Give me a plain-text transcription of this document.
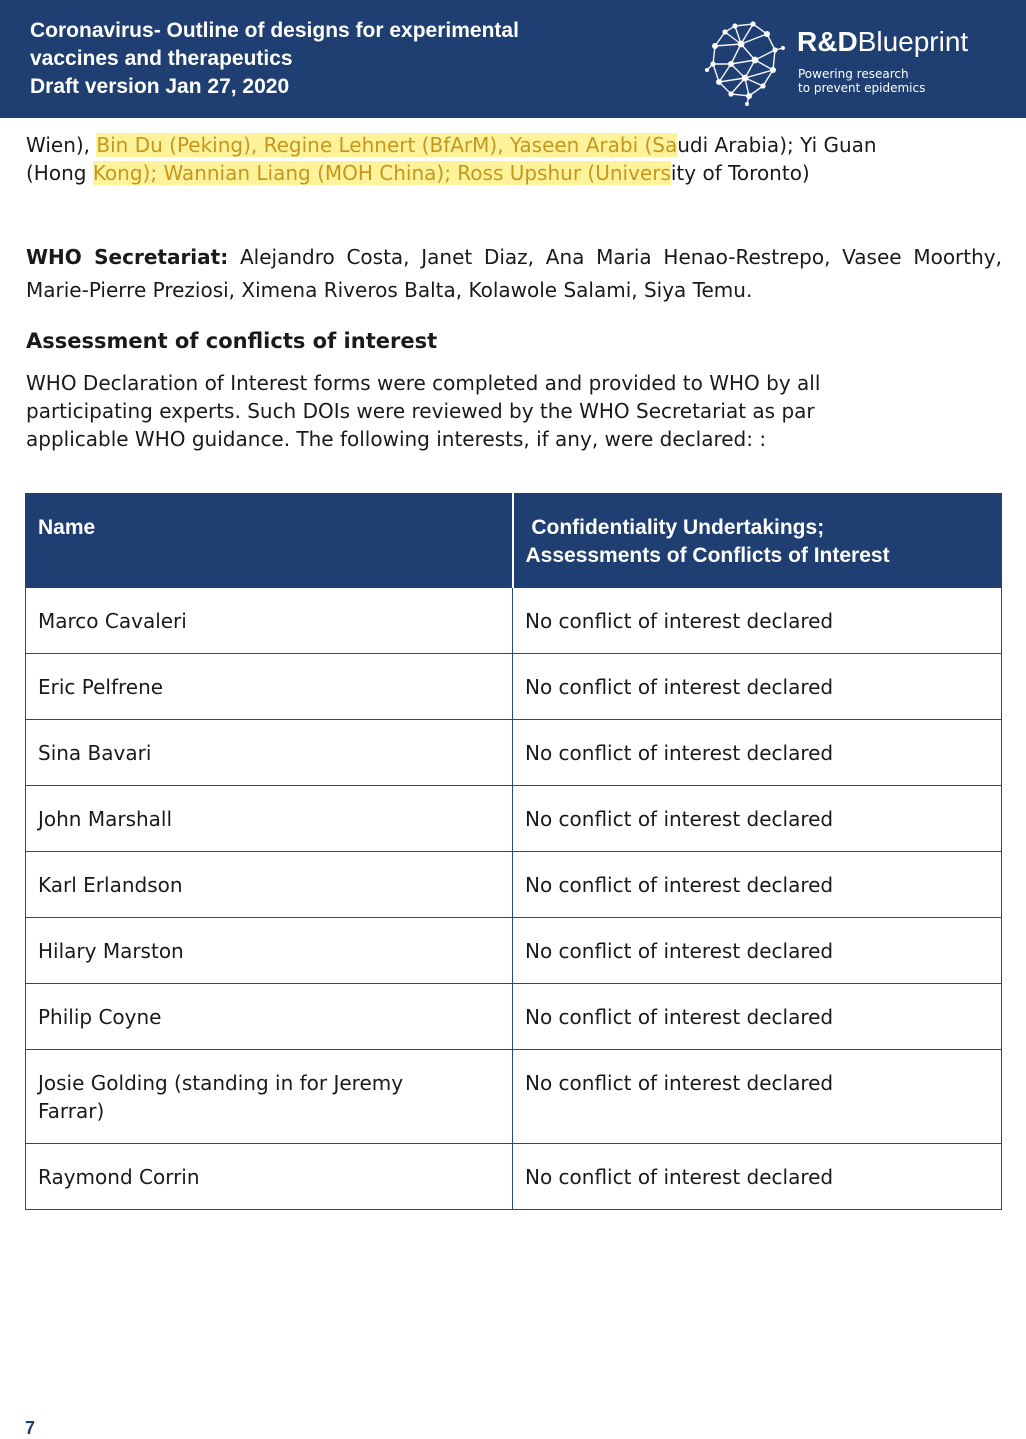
Coronavirus- Outline of designs for experimental
vaccines and therapeutics
Draft version Jan 27, 2020
R&DBlueprint
Powering research
to prevent epidemics
Wien), Bin Du (Peking), Regine Lehnert (BfArM), Yaseen Arabi (Saudi Arabia); Yi Guan
(Hong Kong); Wannian Liang (MOH China); Ross Upshur (University of Toronto)

WHO Secretariat: Alejandro Costa, Janet Diaz, Ana Maria Henao-Restrepo, Vasee Moorthy, Marie-Pierre Preziosi, Ximena Riveros Balta, Kolawole Salami, Siya Temu.

Assessment of conflicts of interest
WHO Declaration of Interest forms were completed and provided to WHO by all
participating experts. Such DOIs were reviewed by the WHO Secretariat as par
applicable WHO guidance. The following interests, if any, were declared: :
Name	Confidentiality Undertakings;
Assessments of Conflicts of Interest

Marco Cavaleri	No conflict of interest declared

Eric Pelfrene	No conflict of interest declared

Sina Bavari	No conflict of interest declared

John Marshall	No conflict of interest declared

Karl Erlandson	No conflict of interest declared

Hilary Marston	No conflict of interest declared

Philip Coyne	No conflict of interest declared

Josie Golding (standing in for Jeremy
Farrar)	No conflict of interest declared

Raymond Corrin	No conflict of interest declared
7
